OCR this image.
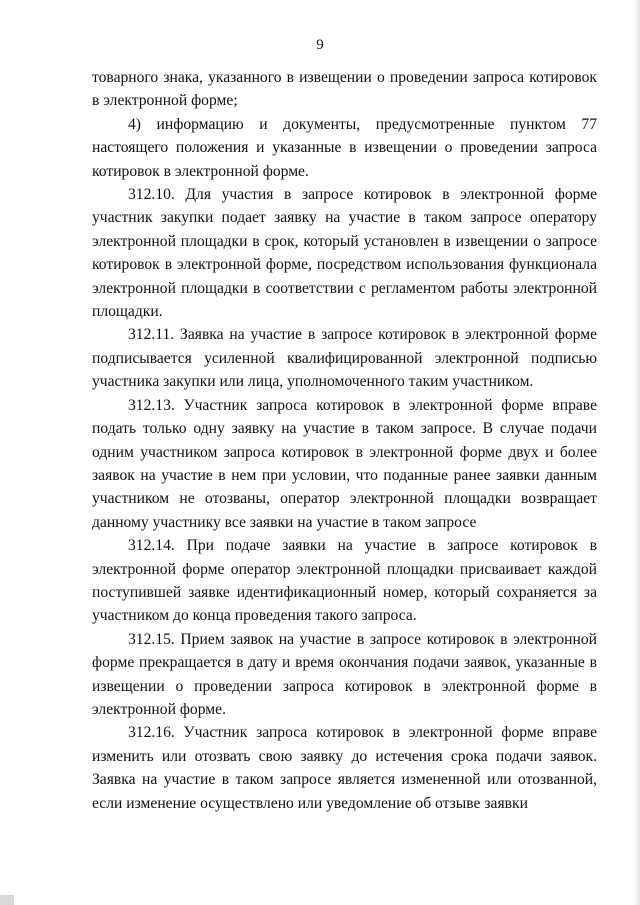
9

товарного знака, указанного в извещении о проведении запроса котировок в электронной форме;

4) информацию и документы, предусмотренные пунктом 77 настоящего положения и указанные в извещении о проведении запроса котировок в электронной форме.

312.10. Для участия в запросе котировок в электронной форме участник закупки подает заявку на участие в таком запросе оператору электронной площадки в срок, который установлен в извещении о запросе котировок в электронной форме, посредством использования функционала электронной площадки в соответствии с регламентом работы электронной площадки.

312.11. Заявка на участие в запросе котировок в электронной форме подписывается усиленной квалифицированной электронной подписью участника закупки или лица, уполномоченного таким участником.

312.13. Участник запроса котировок в электронной форме вправе подать только одну заявку на участие в таком запросе. В случае подачи одним участником запроса котировок в электронной форме двух и более заявок на участие в нем при условии, что поданные ранее заявки данным участником не отозваны, оператор электронной площадки возвращает данному участнику все заявки на участие в таком запросе

312.14. При подаче заявки на участие в запросе котировок в электронной форме оператор электронной площадки присваивает каждой поступившей заявке идентификационный номер, который сохраняется за участником до конца проведения такого запроса.

312.15. Прием заявок на участие в запросе котировок в электронной форме прекращается в дату и время окончания подачи заявок, указанные в извещении о проведении запроса котировок в электронной форме в электронной форме.

312.16. Участник запроса котировок в электронной форме вправе изменить или отозвать свою заявку до истечения срока подачи заявок. Заявка на участие в таком запросе является измененной или отозванной, если изменение осуществлено или уведомление об отзыве заявки
